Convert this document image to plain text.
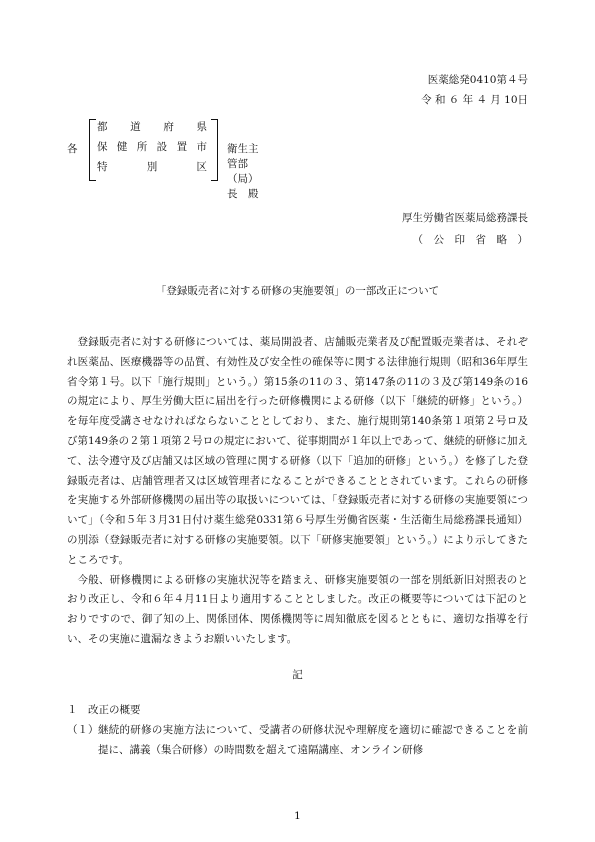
医薬総発0410第４号
令 和 ６ 年 ４ 月 10日
各
都 道 府 県
保 健 所 設 置 市
特	別	区
衛生主管部（局）長　殿
厚生労働省医薬局総務課長
（　公　印　省　略　）
「登録販売者に対する研修の実施要領」の一部改正について

登録販売者に対する研修については、薬局開設者、店舗販売業者及び配置販売業者は、それぞれ医薬品、医療機器等の品質、有効性及び安全性の確保等に関する法律施行規則（昭和36年厚生省令第１号。以下「施行規則」という。）第15条の11の３、第147条の11の３及び第149条の16の規定により、厚生労働大臣に届出を行った研修機関による研修（以下「継続的研修」という。）を毎年度受講させなければならないこととしており、また、施行規則第140条第１項第２号ロ及び第149条の２第１項第２号ロの規定において、従事期間が１年以上であって、継続的研修に加えて、法令遵守及び店舗又は区域の管理に関する研修（以下「追加的研修」という。）を修了した登録販売者は、店舗管理者又は区域管理者になることができることとされています。これらの研修を実施する外部研修機関の届出等の取扱いについては、「登録販売者に対する研修の実施要領について」（令和５年３月31日付け薬生総発0331第６号厚生労働省医薬・生活衛生局総務課長通知）の別添（登録販売者に対する研修の実施要領。以下「研修実施要領」という。）により示してきたところです。

今般、研修機関による研修の実施状況等を踏まえ、研修実施要領の一部を別紙新旧対照表のとおり改正し、令和６年４月11日より適用することとしました。改正の概要等については下記のとおりですので、御了知の上、関係団体、関係機関等に周知徹底を図るとともに、適切な指導を行い、その実施に遺漏なきようお願いいたします。

記
１　改正の概要
（１） 継続的研修の実施方法について、受講者の研修状況や理解度を適切に確認できることを前提に、講義（集合研修）の時間数を超えて遠隔講座、オンライン研修
1
